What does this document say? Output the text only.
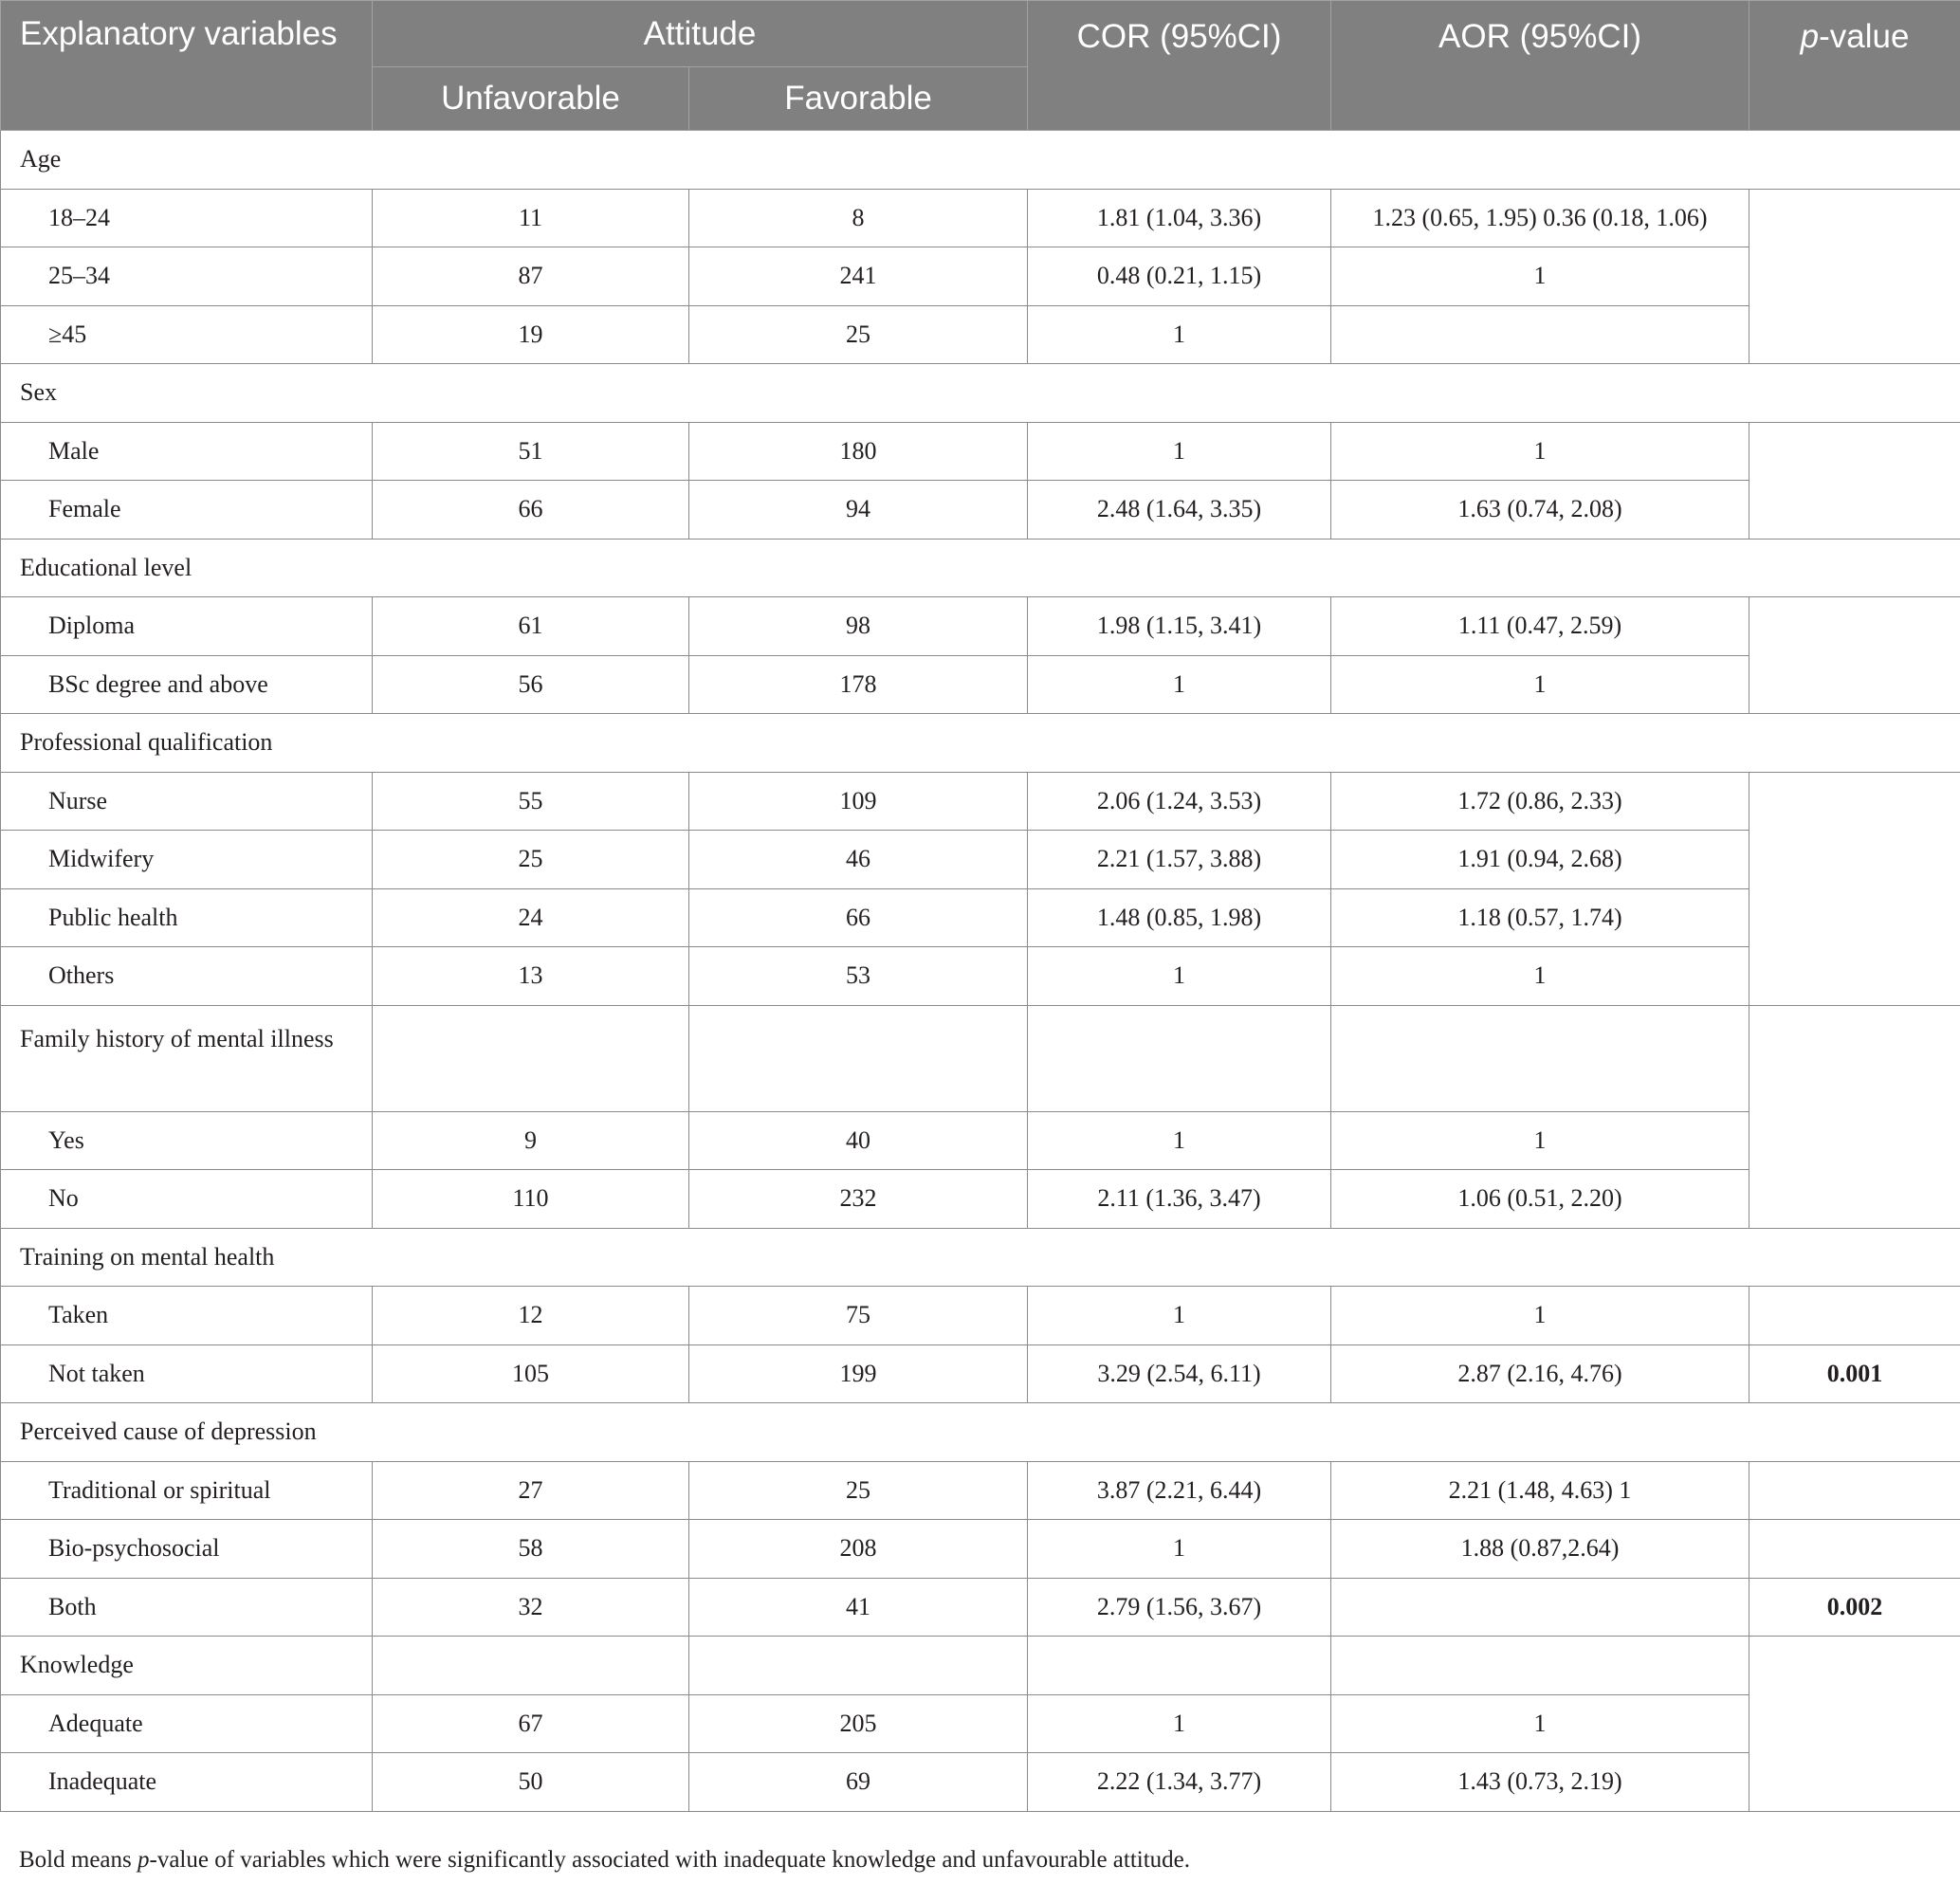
Explanatory variables	Attitude		COR (95%CI)	AOR (95%CI)	p-value
	Unfavorable	Favorable			
Age					
18–24	11	8	1.81 (1.04, 3.36)	1.23 (0.65, 1.95) 0.36 (0.18, 1.06)	
25–34	87	241	0.48 (0.21, 1.15)	1	
≥45	19	25	1		
Sex					
Male	51	180	1	1	
Female	66	94	2.48 (1.64, 3.35)	1.63 (0.74, 2.08)	
Educational level					
Diploma	61	98	1.98 (1.15, 3.41)	1.11 (0.47, 2.59)	
BSc degree and above	56	178	1	1	
Professional qualification					
Nurse	55	109	2.06 (1.24, 3.53)	1.72 (0.86, 2.33)	
Midwifery	25	46	2.21 (1.57, 3.88)	1.91 (0.94, 2.68)	
Public health	24	66	1.48 (0.85, 1.98)	1.18 (0.57, 1.74)	
Others	13	53	1	1	
Family history of mental illness					
Yes	9	40	1	1	
No	110	232	2.11 (1.36, 3.47)	1.06 (0.51, 2.20)	
Training on mental health					
Taken	12	75	1	1	
Not taken	105	199	3.29 (2.54, 6.11)	2.87 (2.16, 4.76)	0.001
Perceived cause of depression					
Traditional or spiritual	27	25	3.87 (2.21, 6.44)	2.21 (1.48, 4.63) 1	
Bio-psychosocial	58	208	1	1.88 (0.87,2.64)	
Both	32	41	2.79 (1.56, 3.67)		0.002
Knowledge					
Adequate	67	205	1	1	
Inadequate	50	69	2.22 (1.34, 3.77)	1.43 (0.73, 2.19)	
Bold means p-value of variables which were significantly associated with inadequate knowledge and unfavourable attitude.
